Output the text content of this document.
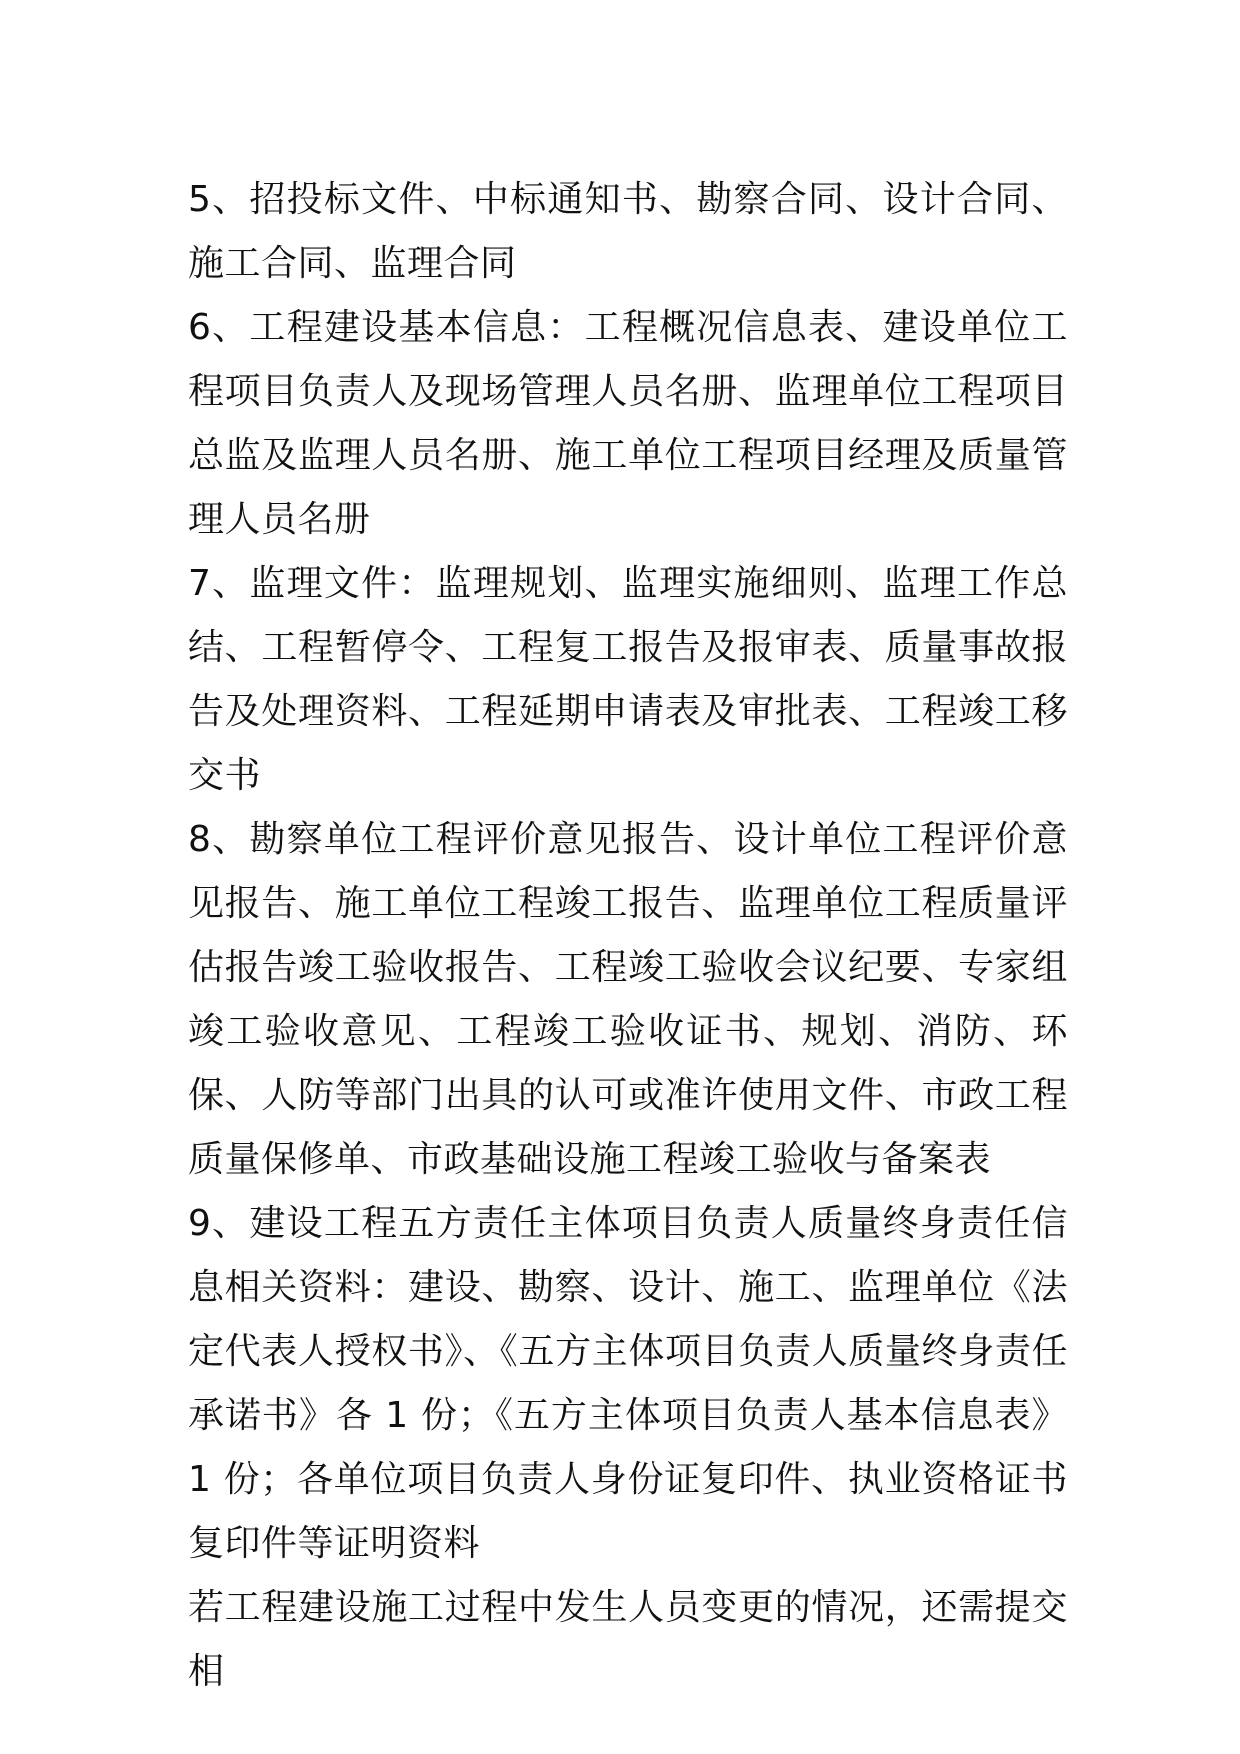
5、招投标文件、中标通知书、勘察合同、设计合同、施工合同、监理合同

6、工程建设基本信息：工程概况信息表、建设单位工程项目负责人及现场管理人员名册、监理单位工程项目总监及监理人员名册、施工单位工程项目经理及质量管理人员名册

7、监理文件：监理规划、监理实施细则、监理工作总结、工程暂停令、工程复工报告及报审表、质量事故报告及处理资料、工程延期申请表及审批表、工程竣工移交书

8、勘察单位工程评价意见报告、设计单位工程评价意见报告、施工单位工程竣工报告、监理单位工程质量评估报告竣工验收报告、工程竣工验收会议纪要、专家组竣工验收意见、工程竣工验收证书、规划、消防、环保、人防等部门出具的认可或准许使用文件、市政工程质量保修单、市政基础设施工程竣工验收与备案表

9、建设工程五方责任主体项目负责人质量终身责任信息相关资料：建设、勘察、设计、施工、监理单位《法定代表人授权书》、《五方主体项目负责人质量终身责任承诺书》各 1 份；《五方主体项目负责人基本信息表》1 份；各单位项目负责人身份证复印件、执业资格证书复印件等证明资料

若工程建设施工过程中发生人员变更的情况，还需提交相
